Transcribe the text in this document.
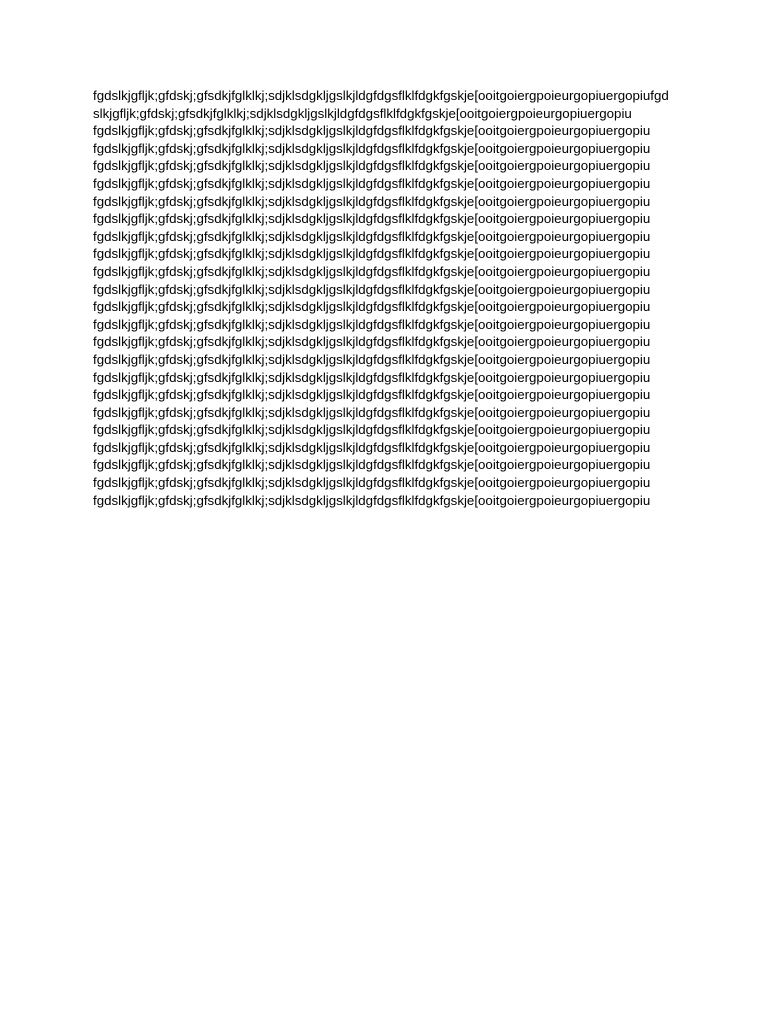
fgdslkjgfljk;gfdskj;gfsdkjfglklkj;sdjklsdgkljgslkjldgfdgsflklfdgkfgskje[ooitgoiergpoieurgopiuergopiufgdslkjgfljk;gfdskj;gfsdkjfglklkj;sdjklsdgkljgslkjldgfdgsflklfdgkfgskje[ooitgoiergpoieurgopiuergopiu

fgdslkjgfljk;gfdskj;gfsdkjfglklkj;sdjklsdgkljgslkjldgfdgsflklfdgkfgskje[ooitgoiergpoieurgopiuergopiu

fgdslkjgfljk;gfdskj;gfsdkjfglklkj;sdjklsdgkljgslkjldgfdgsflklfdgkfgskje[ooitgoiergpoieurgopiuergopiu

fgdslkjgfljk;gfdskj;gfsdkjfglklkj;sdjklsdgkljgslkjldgfdgsflklfdgkfgskje[ooitgoiergpoieurgopiuergopiu

fgdslkjgfljk;gfdskj;gfsdkjfglklkj;sdjklsdgkljgslkjldgfdgsflklfdgkfgskje[ooitgoiergpoieurgopiuergopiu

fgdslkjgfljk;gfdskj;gfsdkjfglklkj;sdjklsdgkljgslkjldgfdgsflklfdgkfgskje[ooitgoiergpoieurgopiuergopiu

fgdslkjgfljk;gfdskj;gfsdkjfglklkj;sdjklsdgkljgslkjldgfdgsflklfdgkfgskje[ooitgoiergpoieurgopiuergopiu

fgdslkjgfljk;gfdskj;gfsdkjfglklkj;sdjklsdgkljgslkjldgfdgsflklfdgkfgskje[ooitgoiergpoieurgopiuergopiu

fgdslkjgfljk;gfdskj;gfsdkjfglklkj;sdjklsdgkljgslkjldgfdgsflklfdgkfgskje[ooitgoiergpoieurgopiuergopiu

fgdslkjgfljk;gfdskj;gfsdkjfglklkj;sdjklsdgkljgslkjldgfdgsflklfdgkfgskje[ooitgoiergpoieurgopiuergopiu

fgdslkjgfljk;gfdskj;gfsdkjfglklkj;sdjklsdgkljgslkjldgfdgsflklfdgkfgskje[ooitgoiergpoieurgopiuergopiu

fgdslkjgfljk;gfdskj;gfsdkjfglklkj;sdjklsdgkljgslkjldgfdgsflklfdgkfgskje[ooitgoiergpoieurgopiuergopiu

fgdslkjgfljk;gfdskj;gfsdkjfglklkj;sdjklsdgkljgslkjldgfdgsflklfdgkfgskje[ooitgoiergpoieurgopiuergopiu

fgdslkjgfljk;gfdskj;gfsdkjfglklkj;sdjklsdgkljgslkjldgfdgsflklfdgkfgskje[ooitgoiergpoieurgopiuergopiu

fgdslkjgfljk;gfdskj;gfsdkjfglklkj;sdjklsdgkljgslkjldgfdgsflklfdgkfgskje[ooitgoiergpoieurgopiuergopiu

fgdslkjgfljk;gfdskj;gfsdkjfglklkj;sdjklsdgkljgslkjldgfdgsflklfdgkfgskje[ooitgoiergpoieurgopiuergopiu

fgdslkjgfljk;gfdskj;gfsdkjfglklkj;sdjklsdgkljgslkjldgfdgsflklfdgkfgskje[ooitgoiergpoieurgopiuergopiu

fgdslkjgfljk;gfdskj;gfsdkjfglklkj;sdjklsdgkljgslkjldgfdgsflklfdgkfgskje[ooitgoiergpoieurgopiuergopiu

fgdslkjgfljk;gfdskj;gfsdkjfglklkj;sdjklsdgkljgslkjldgfdgsflklfdgkfgskje[ooitgoiergpoieurgopiuergopiu

fgdslkjgfljk;gfdskj;gfsdkjfglklkj;sdjklsdgkljgslkjldgfdgsflklfdgkfgskje[ooitgoiergpoieurgopiuergopiu

fgdslkjgfljk;gfdskj;gfsdkjfglklkj;sdjklsdgkljgslkjldgfdgsflklfdgkfgskje[ooitgoiergpoieurgopiuergopiu

fgdslkjgfljk;gfdskj;gfsdkjfglklkj;sdjklsdgkljgslkjldgfdgsflklfdgkfgskje[ooitgoiergpoieurgopiuergopiu

fgdslkjgfljk;gfdskj;gfsdkjfglklkj;sdjklsdgkljgslkjldgfdgsflklfdgkfgskje[ooitgoiergpoieurgopiuergopiu
